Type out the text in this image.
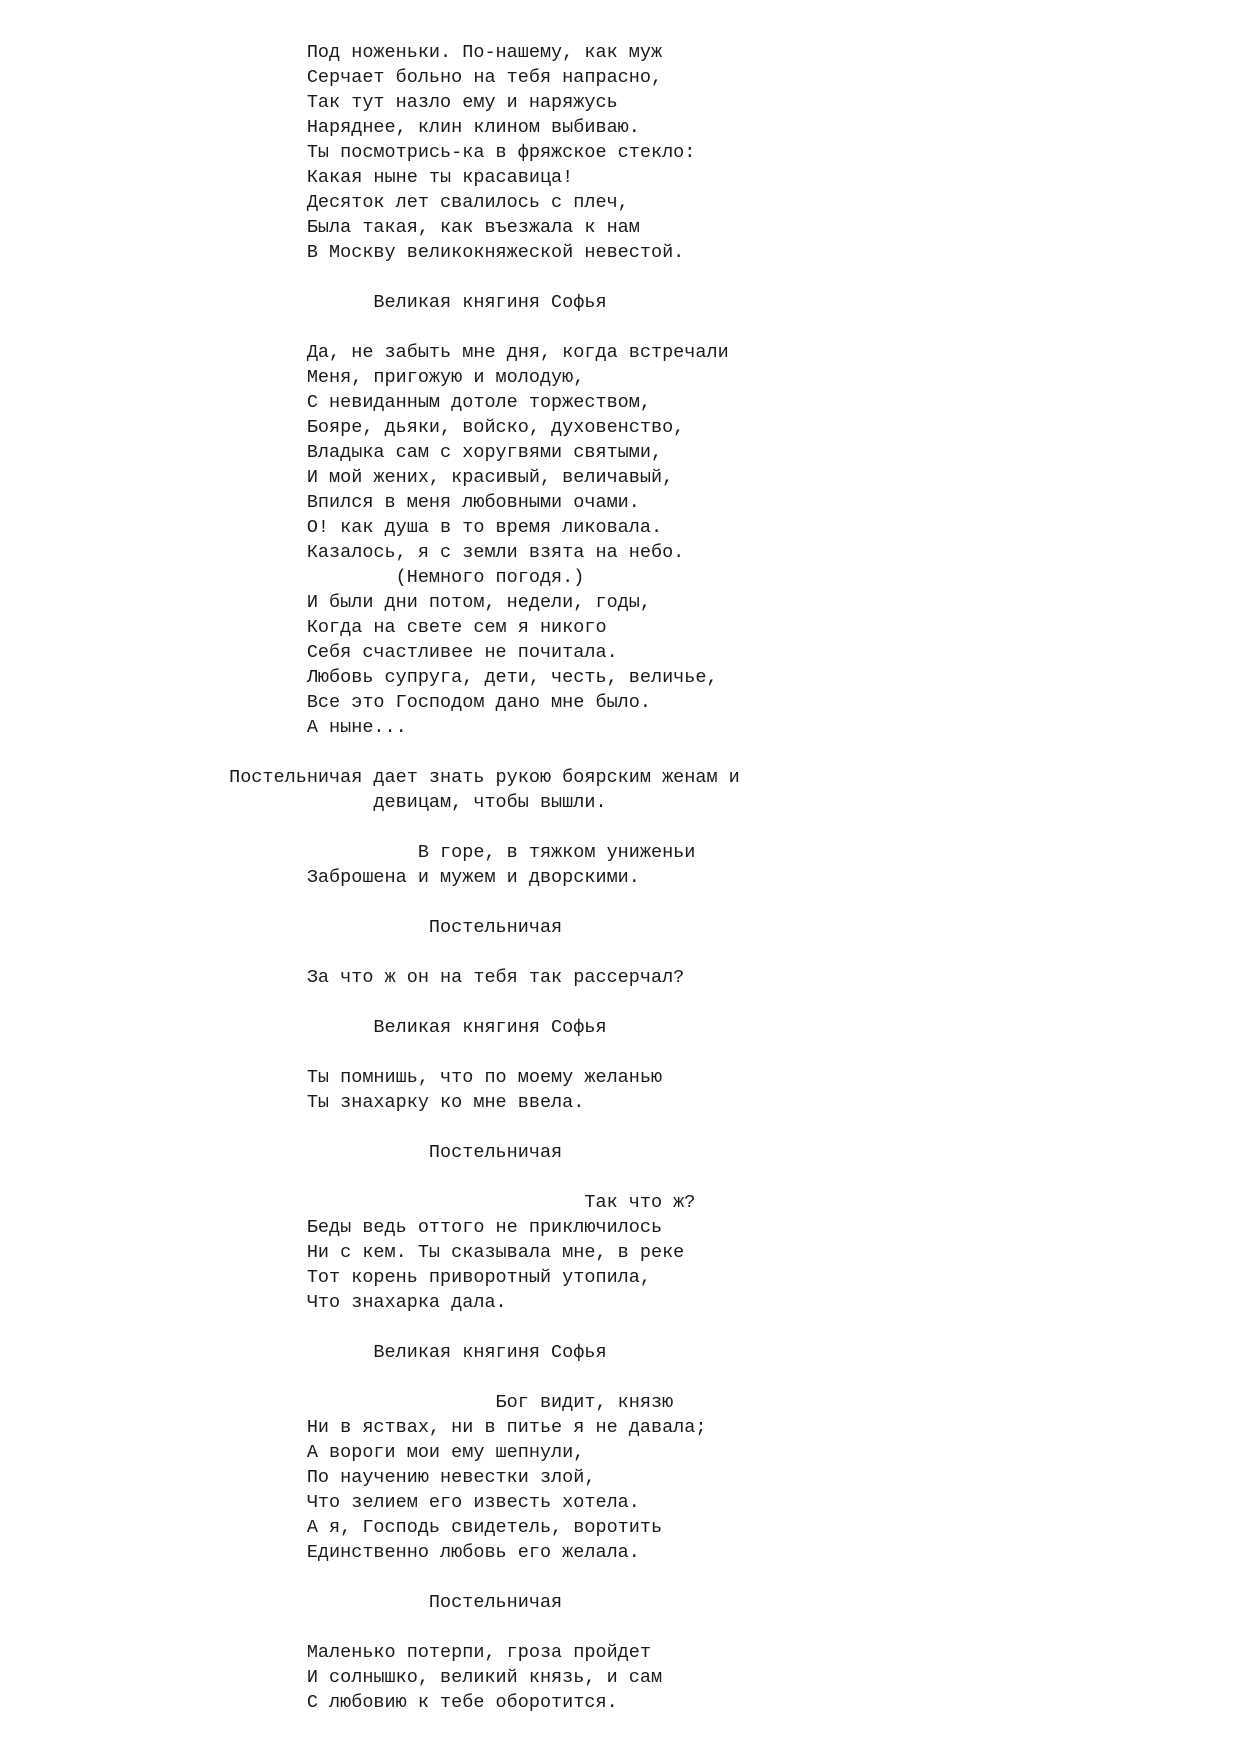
Под ноженьки. По-нашему, как муж
Серчает больно на тебя напрасно,
Так тут назло ему и наряжусь
Наряднее, клин клином выбиваю.
Ты посмотрись-ка в фряжское стекло:
Какая ныне ты красавица!
Десяток лет свалилось с плеч,
Была такая, как въезжала к нам
В Москву великокняжеской невестой.
Великая княгиня Софья
Да, не забыть мне дня, когда встречали
Меня, пригожую и молодую,
С невиданным дотоле торжеством,
Бояре, дьяки, войско, духовенство,
Владыка сам с хоругвями святыми,
И мой жених, красивый, величавый,
Впился в меня любовными очами.
О! как душа в то время ликовала.
Казалось, я с земли взята на небо.
(Немного погодя.)
И были дни потом, недели, годы,
Когда на свете сем я никого
Себя счастливее не почитала.
Любовь супруга, дети, честь, величье,
Все это Господом дано мне было.
А ныне...
Постельничая дает знать рукою боярским женам и
девицам, чтобы вышли.
В горе, в тяжком униженьи
Заброшена и мужем и дворскими.
Постельничая
За что ж он на тебя так рассерчал?
Великая княгиня Софья
Ты помнишь, что по моему желанью
Ты знахарку ко мне ввела.
Постельничая
Так что ж?
Беды ведь оттого не приключилось
Ни с кем. Ты сказывала мне, в реке
Тот корень приворотный утопила,
Что знахарка дала.
Великая княгиня Софья
Бог видит, князю
Ни в яствах, ни в питье я не давала;
А вороги мои ему шепнули,
По научению невестки злой,
Что зелием его известь хотела.
А я, Господь свидетель, воротить
Единственно любовь его желала.
Постельничая
Маленько потерпи, гроза пройдет
И солнышко, великий князь, и сам
С любовию к тебе оборотится.
